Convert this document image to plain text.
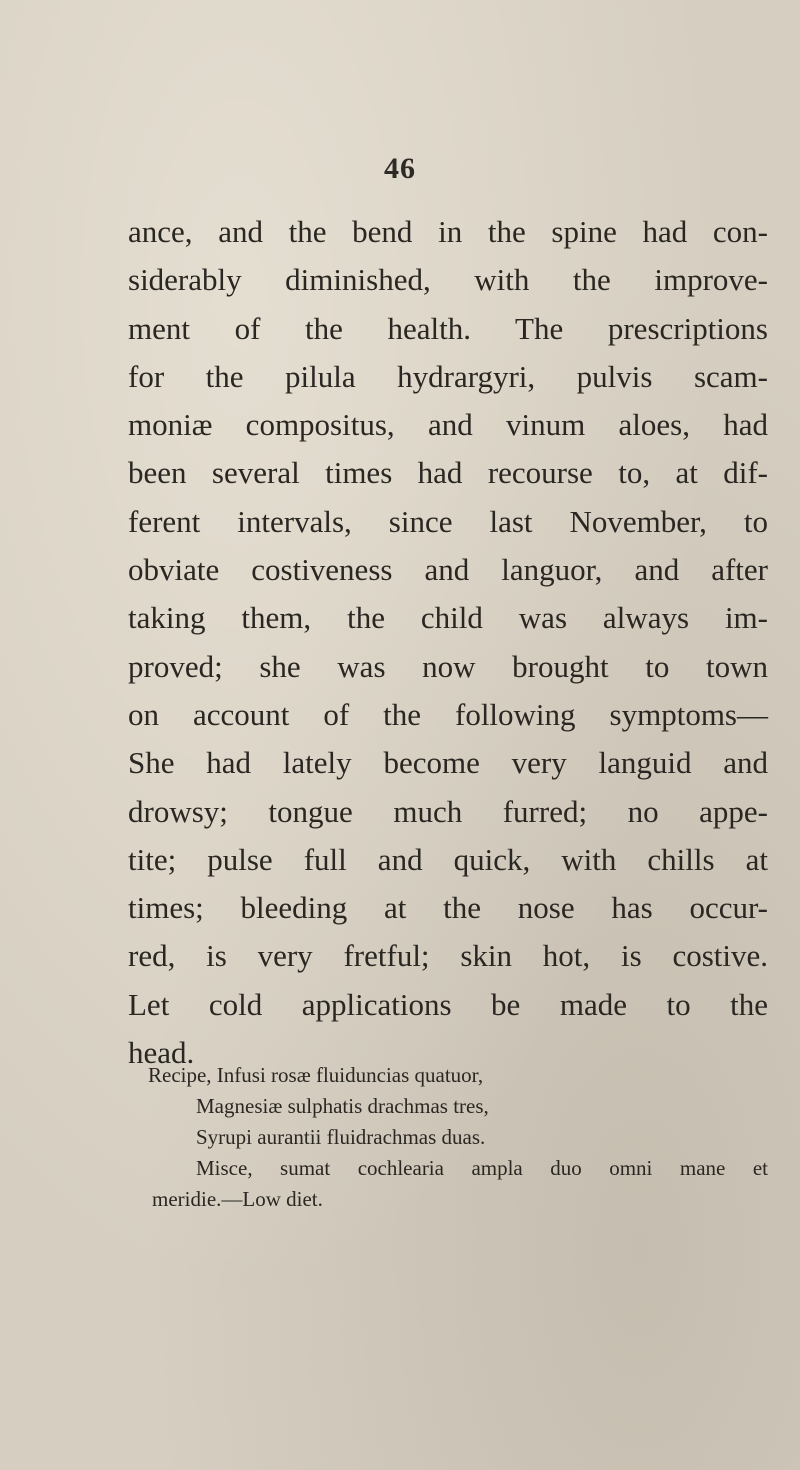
46
ance, and the bend in the spine had con-
siderably diminished, with the improve-
ment of the health. The prescriptions
for the pilula hydrargyri, pulvis scam-
moniæ compositus, and vinum aloes, had
been several times had recourse to, at dif-
ferent intervals, since last November, to
obviate costiveness and languor, and after
taking them, the child was always im-
proved; she was now brought to town
on account of the following symptoms—
She had lately become very languid and
drowsy; tongue much furred; no appe-
tite; pulse full and quick, with chills at
times; bleeding at the nose has occur-
red, is very fretful; skin hot, is costive.
Let cold applications be made to the
head.
Recipe, Infusi rosæ fluiduncias quatuor,
Magnesiæ sulphatis drachmas tres,
Syrupi aurantii fluidrachmas duas.
Misce, sumat cochlearia ampla duo omni mane et
meridie.—Low diet.
